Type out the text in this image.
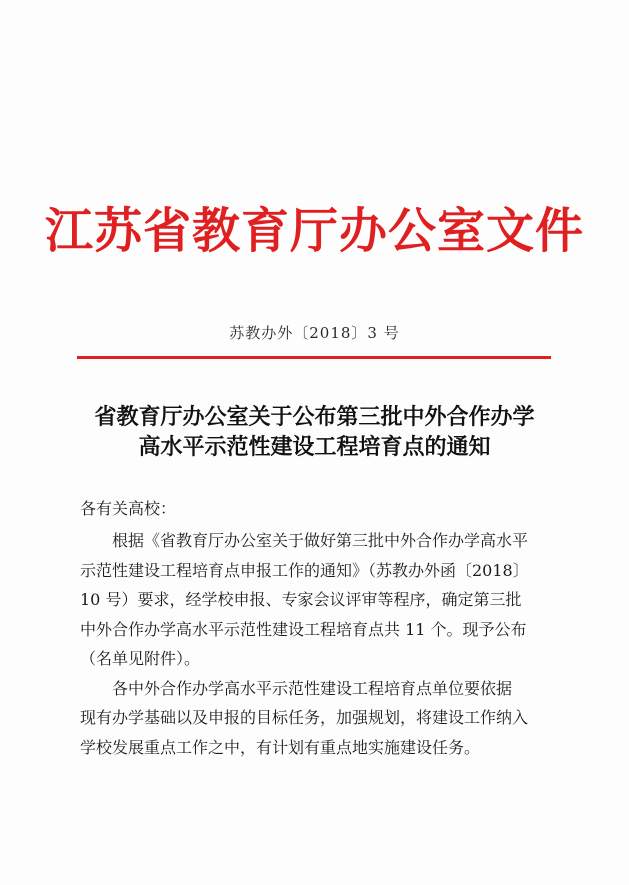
江苏省教育厅办公室文件
苏教办外〔2018〕3 号
省教育厅办公室关于公布第三批中外合作办学
高水平示范性建设工程培育点的通知
各有关高校：
根据《省教育厅办公室关于做好第三批中外合作办学高水平
示范性建设工程培育点申报工作的通知》（苏教办外函〔2018〕
10 号）要求，经学校申报、专家会议评审等程序，确定第三批
中外合作办学高水平示范性建设工程培育点共 11 个。现予公布
（名单见附件）。
各中外合作办学高水平示范性建设工程培育点单位要依据
现有办学基础以及申报的目标任务，加强规划，将建设工作纳入
学校发展重点工作之中，有计划有重点地实施建设任务。
